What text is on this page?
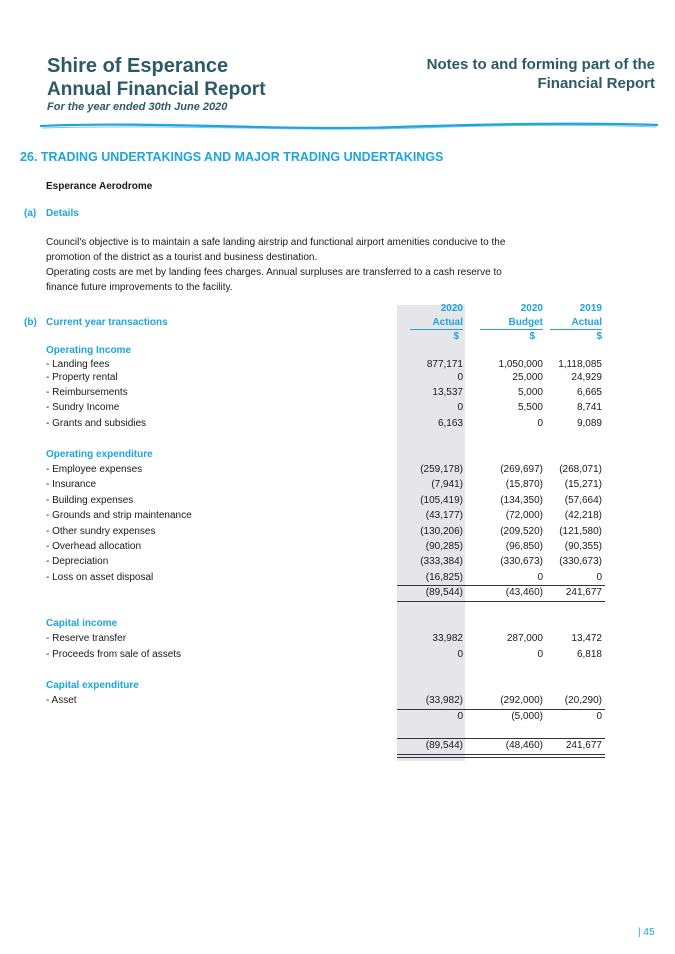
Shire of Esperance
Annual Financial Report
For the year ended 30th June 2020
Notes to and forming part of the
Financial Report
26. TRADING UNDERTAKINGS AND MAJOR TRADING UNDERTAKINGS
Esperance Aerodrome
(a) Details
Council's objective is to maintain a safe landing airstrip and functional airport amenities conducive to the
promotion of the district as a tourist and business destination.
Operating costs are met by landing fees charges. Annual surpluses are transferred to a cash reserve to
finance future improvements to the facility.
(b) Current year transactions
2020	2020	2019
Actual	Budget	Actual
$	$	$
Operating Income
- Landing fees	877,171	1,050,000	1,118,085
- Property rental	0	25,000	24,929
- Reimbursements	13,537	5,000	6,665
- Sundry Income	0	5,500	8,741
- Grants and subsidies	6,163	0	9,089
Operating expenditure
- Employee expenses	(259,178)	(269,697)	(268,071)
- Insurance	(7,941)	(15,870)	(15,271)
- Building expenses	(105,419)	(134,350)	(57,664)
- Grounds and strip maintenance	(43,177)	(72,000)	(42,218)
- Other sundry expenses	(130,206)	(209,520)	(121,580)
- Overhead allocation	(90,285)	(96,850)	(90,355)
- Depreciation	(333,384)	(330,673)	(330,673)
- Loss on asset disposal	(16,825)	0	0
(89,544)	(43,460)	241,677
Capital income
- Reserve transfer	33,982	287,000	13,472
- Proceeds from sale of assets	0	0	6,818
Capital expenditure
- Asset	(33,982)	(292,000)	(20,290)
0	(5,000)	0
(89,544)	(48,460)	241,677
| 45
